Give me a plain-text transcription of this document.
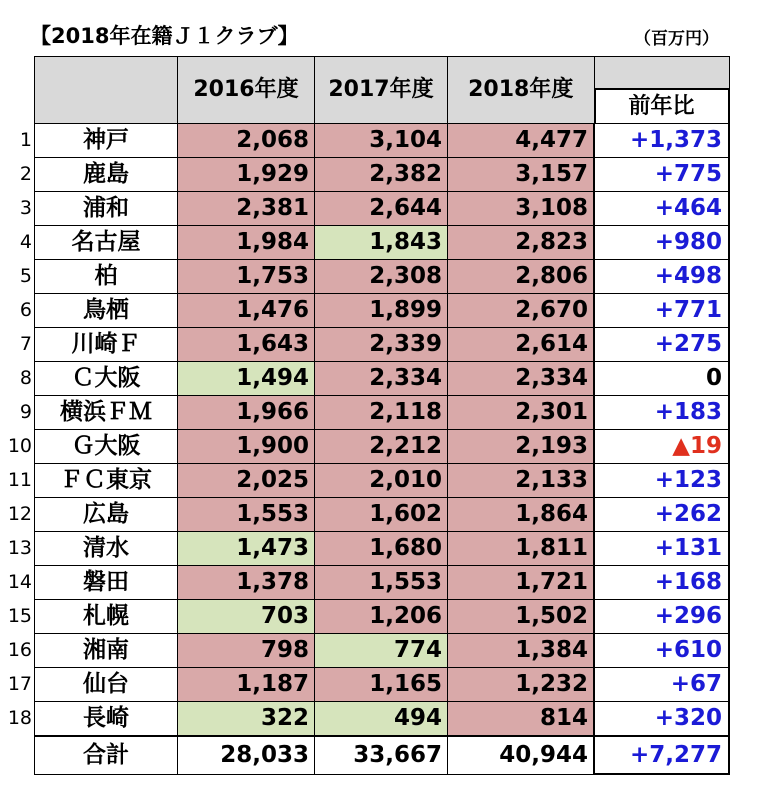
【2018年在籍Ｊ１クラブ】	（百万円）
		2016年度	2017年度	2018年度	前年比

1	神戸	2,068	3,104	4,477	+1,373
2	鹿島	1,929	2,382	3,157	+775
3	浦和	2,381	2,644	3,108	+464
4	名古屋	1,984	1,843	2,823	+980
5	柏	1,753	2,308	2,806	+498
6	鳥栖	1,476	1,899	2,670	+771
7	川崎Ｆ	1,643	2,339	2,614	+275
8	Ｃ大阪	1,494	2,334	2,334	0
9	横浜ＦＭ	1,966	2,118	2,301	+183
10	Ｇ大阪	1,900	2,212	2,193	▲19
11	ＦＣ東京	2,025	2,010	2,133	+123
12	広島	1,553	1,602	1,864	+262
13	清水	1,473	1,680	1,811	+131
14	磐田	1,378	1,553	1,721	+168
15	札幌	703	1,206	1,502	+296
16	湘南	798	774	1,384	+610
17	仙台	1,187	1,165	1,232	+67
18	長崎	322	494	814	+320
	合計	28,033	33,667	40,944	+7,277
